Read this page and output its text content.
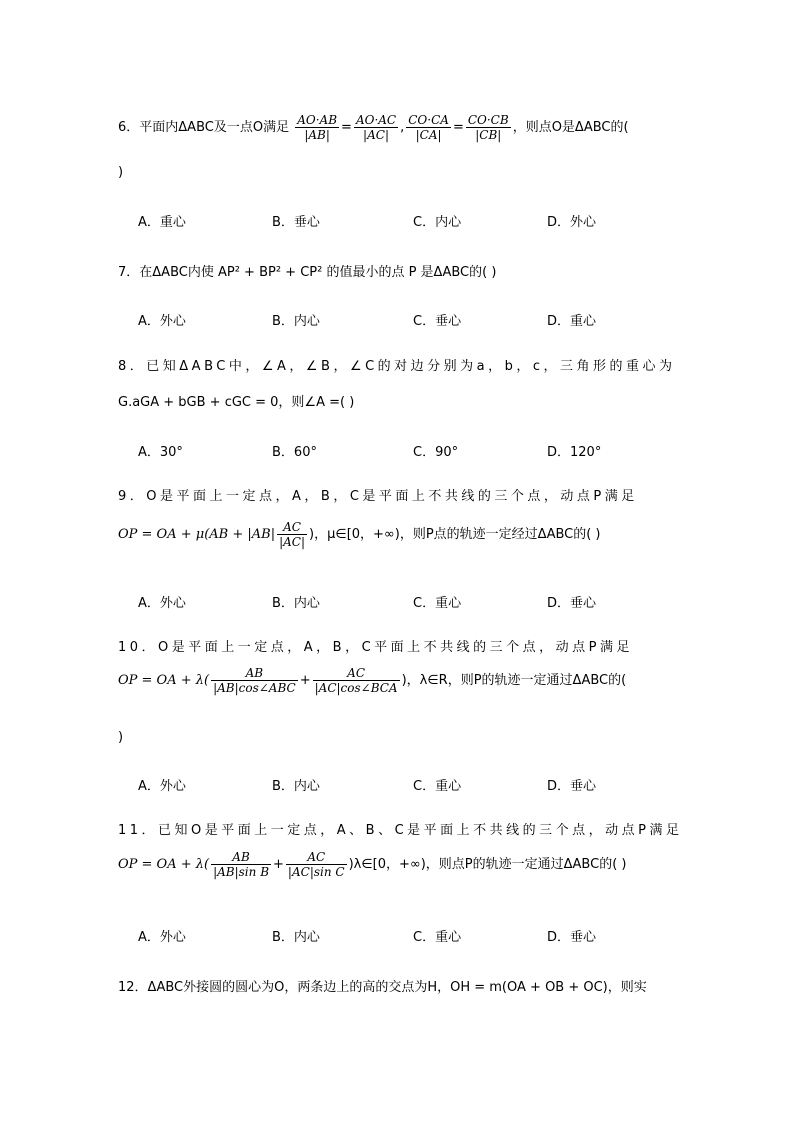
6．平面内ΔABC及一点O满足 $\frac{AO\cdot AB}{|AB|} = \frac{AO\cdot AC}{|AC|}$ , $\frac{CO\cdot CA}{|CA|} = \frac{CO\cdot CB}{|CB|}$ ，则点O是ΔABC的(
)
A．重心	B．垂心	C．内心	D．外心
7．在ΔABC内使 AP² + BP² + CP² 的值最小的点 P 是ΔABC的( )
A．外心	B．内心	C．垂心	D．重心
8．已知ΔABC中，∠A，∠B，∠C的对边分别为a，b，c，三角形的重心为
G.aGA + bGB + cGC = 0，则∠A =( )
A．30°	B．60°	C．90°	D．120°
9．O是平面上一定点，A，B，C是平面上不共线的三个点，动点P满足
OP = OA + $\mu(AB + |AB| \frac{AC}{|AC|}$ )，μ∈[0，+∞)，则P点的轨迹一定经过ΔABC的( )
A．外心	B．内心	C．重心	D．垂心
10．O是平面上一定点，A，B，C平面上不共线的三个点，动点P满足
OP = OA + $\lambda( \frac{AB}{\text{|AB|cos∠ABC}} + \frac{AC}{\text{|AC|cos∠BCA}}$ )，λ∈R，则P的轨迹一定通过ΔABC的(
)
A．外心	B．内心	C．重心	D．垂心
11．已知O是平面上一定点，A、B、C是平面上不共线的三个点，动点P满足
OP = OA + $\lambda( \frac{AB}{\text{|AB|sin B}} + \frac{AC}{\text{|AC|sin C}}$ )λ∈[0，+∞)，则点P的轨迹一定通过ΔABC的( )
A．外心	B．内心	C．重心	D．垂心
12．ΔABC外接圆的圆心为O，两条边上的高的交点为H，OH = m(OA + OB + OC)，则实
